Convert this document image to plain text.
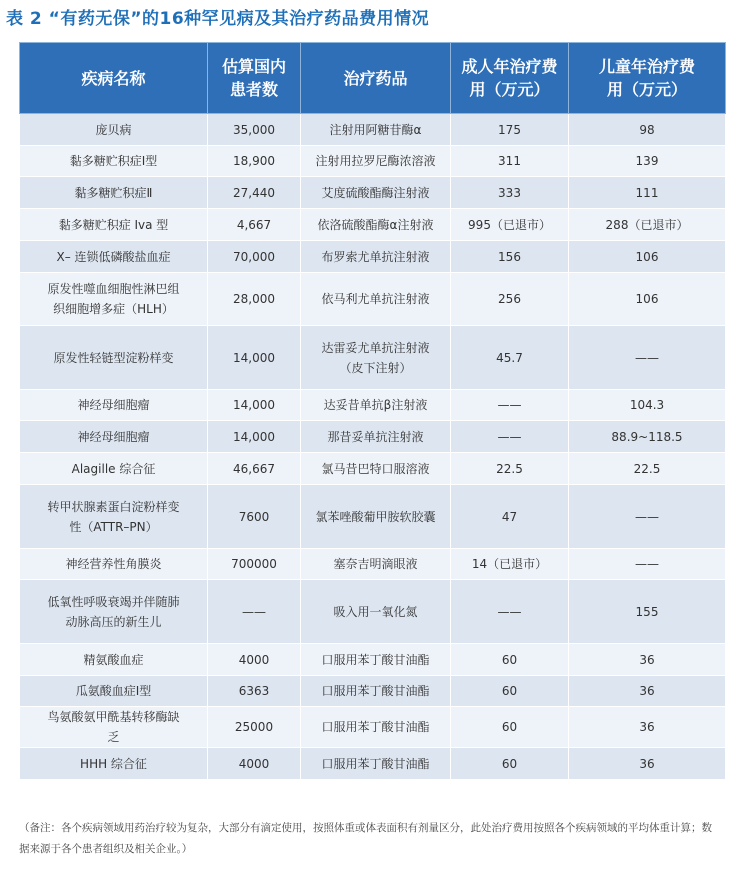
表 2 “有药无保”的16种罕见病及其治疗药品费用情况
疾病名称	估算国内患者数	治疗药品	成人年治疗费用（万元）	儿童年治疗费用（万元）

庞贝病	35,000	注射用阿糖苷酶α	175	98

黏多糖贮积症Ⅰ型	18,900	注射用拉罗尼酶浓溶液	311	139

黏多糖贮积症Ⅱ	27,440	艾度硫酸酯酶注射液	333	111

黏多糖贮积症 Iva 型	4,667	依洛硫酸酯酶α注射液	995（已退市）	288（已退市）

X– 连锁低磷酸盐血症	70,000	布罗索尤单抗注射液	156	106

原发性噬血细胞性淋巴组织细胞增多症（HLH）	28,000	依马利尤单抗注射液	256	106

原发性轻链型淀粉样变	14,000	达雷妥尤单抗注射液（皮下注射）	45.7	——

神经母细胞瘤	14,000	达妥昔单抗β注射液	——	104.3

神经母细胞瘤	14,000	那昔妥单抗注射液	——	88.9~118.5

Alagille 综合征	46,667	氯马昔巴特口服溶液	22.5	22.5

转甲状腺素蛋白淀粉样变性（ATTR–PN）	7600	氯苯唑酸葡甲胺软胶囊	47	——

神经营养性角膜炎	700000	塞奈吉明滴眼液	14（已退市）	——

低氧性呼吸衰竭并伴随肺动脉高压的新生儿	——	吸入用一氧化氮	——	155

精氨酸血症	4000	口服用苯丁酸甘油酯	60	36

瓜氨酸血症Ⅰ型	6363	口服用苯丁酸甘油酯	60	36

鸟氨酸氨甲酰基转移酶缺乏	25000	口服用苯丁酸甘油酯	60	36

HHH 综合征	4000	口服用苯丁酸甘油酯	60	36
（备注：各个疾病领域用药治疗较为复杂，大部分有滴定使用，按照体重或体表面积有剂量区分，此处治疗费用按照各个疾病领域的平均体重计算；数据来源于各个患者组织及相关企业。）
